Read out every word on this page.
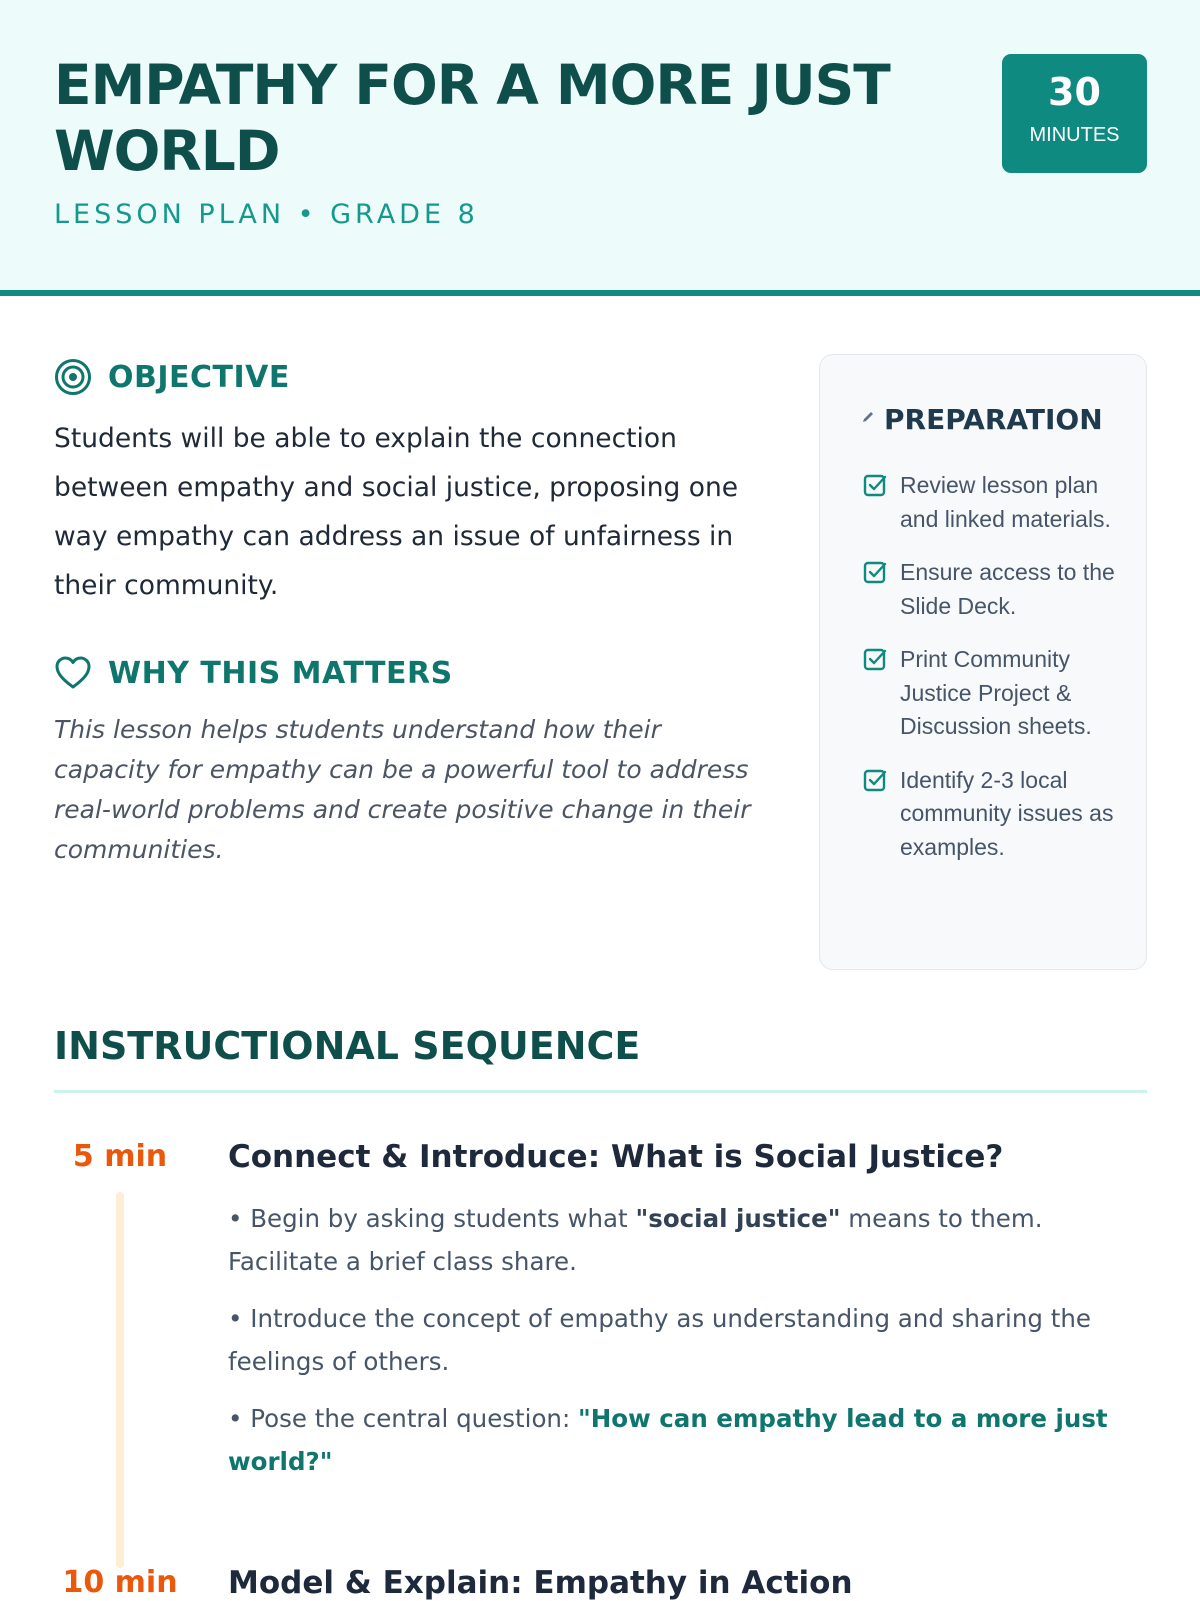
EMPATHY FOR A MORE JUST WORLD
LESSON PLAN • GRADE 8
30
MINUTES
OBJECTIVE

Students will be able to explain the connection between empathy and social justice, proposing one way empathy can address an issue of unfairness in their community.

WHY THIS MATTERS

This lesson helps students understand how their capacity for empathy can be a powerful tool to address real-world problems and create positive change in their communities.

PREPARATION
Review lesson plan and linked materials.
Ensure access to the Slide Deck.
Print Community Justice Project & Discussion sheets.
Identify 2-3 local community issues as examples.
INSTRUCTIONAL SEQUENCE
5 min	Connect & Introduce: What is Social Justice?
• Begin by asking students what "social justice" means to them. Facilitate a brief class share.
• Introduce the concept of empathy as understanding and sharing the feelings of others.
• Pose the central question: "How can empathy lead to a more just world?"
10 min	Model & Explain: Empathy in Action
